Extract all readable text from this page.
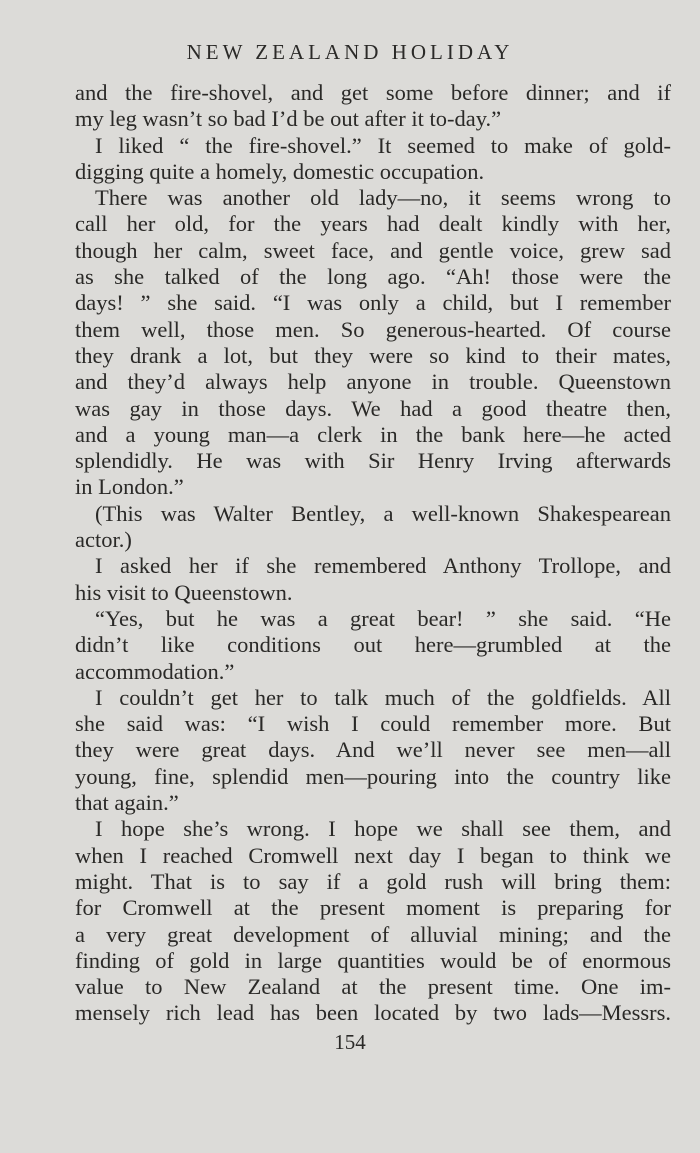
NEW ZEALAND HOLIDAY
and the fire-shovel, and get some before dinner; and if
my leg wasn’t so bad I’d be out after it to-day.”
I liked “ the fire-shovel.” It seemed to make of gold-
digging quite a homely, domestic occupation.
There was another old lady—no, it seems wrong to
call her old, for the years had dealt kindly with her,
though her calm, sweet face, and gentle voice, grew sad
as she talked of the long ago. “Ah! those were the
days! ” she said. “I was only a child, but I remember
them well, those men. So generous-hearted. Of course
they drank a lot, but they were so kind to their mates,
and they’d always help anyone in trouble. Queenstown
was gay in those days. We had a good theatre then,
and a young man—a clerk in the bank here—he acted
splendidly. He was with Sir Henry Irving afterwards
in London.”
(This was Walter Bentley, a well-known Shakespearean
actor.)
I asked her if she remembered Anthony Trollope, and
his visit to Queenstown.
“Yes, but he was a great bear! ” she said. “He
didn’t like conditions out here—grumbled at the
accommodation.”
I couldn’t get her to talk much of the goldfields. All
she said was: “I wish I could remember more. But
they were great days. And we’ll never see men—all
young, fine, splendid men—pouring into the country like
that again.”
I hope she’s wrong. I hope we shall see them, and
when I reached Cromwell next day I began to think we
might. That is to say if a gold rush will bring them:
for Cromwell at the present moment is preparing for
a very great development of alluvial mining; and the
finding of gold in large quantities would be of enormous
value to New Zealand at the present time. One im-
mensely rich lead has been located by two lads—Messrs.
154
